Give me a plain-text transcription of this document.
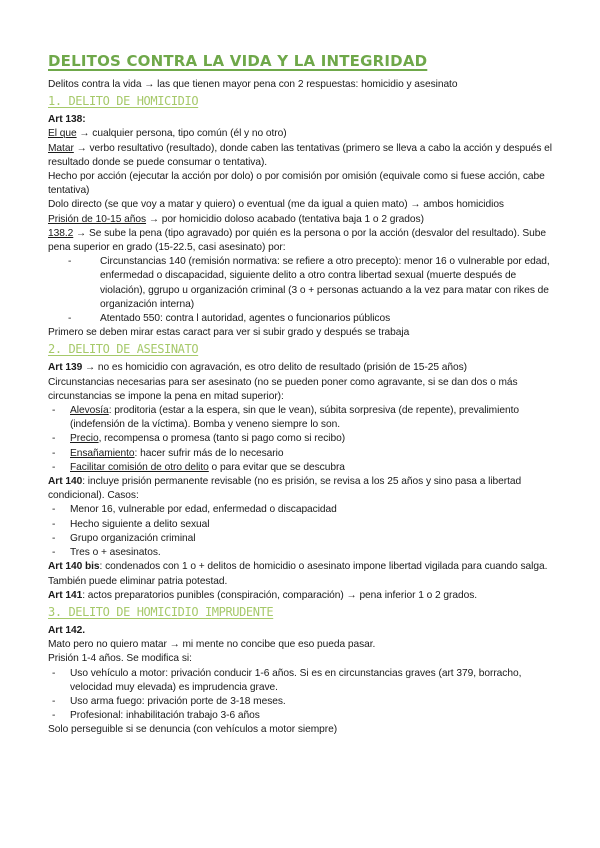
DELITOS CONTRA LA VIDA Y LA INTEGRIDAD

Delitos contra la vida → las que tienen mayor pena con 2 respuestas: homicidio y asesinato

1. DELITO DE HOMICIDIO

Art 138:

El que → cualquier persona, tipo común (él y no otro)

Matar → verbo resultativo (resultado), donde caben las tentativas (primero se lleva a cabo la acción y después el resultado donde se puede consumar o tentativa).

Hecho por acción (ejecutar la acción por dolo) o por comisión por omisión (equivale como si fuese acción, cabe tentativa)

Dolo directo (se que voy a matar y quiero) o eventual (me da igual a quien mato) → ambos homicidios

Prisión de 10-15 años → por homicidio doloso acabado (tentativa baja 1 o 2 grados)

138.2 → Se sube la pena (tipo agravado) por quién es la persona o por la acción (desvalor del resultado). Sube pena superior en grado (15-22.5, casi asesinato) por:

- Circunstancias 140 (remisión normativa: se refiere a otro precepto): menor 16 o vulnerable por edad, enfermedad o discapacidad, siguiente delito a otro contra libertad sexual (muerte después de violación), ggrupo u organización criminal (3 o + personas actuando a la vez para matar con rikes de organización interna)
- Atentado 550: contra l autoridad, agentes o funcionarios públicos

Primero se deben mirar estas caract para ver si subir grado y después se trabaja

2. DELITO DE ASESINATO

Art 139 → no es homicidio con agravación, es otro delito de resultado (prisión de 15-25 años)

Circunstancias necesarias para ser asesinato (no se pueden poner como agravante, si se dan dos o más circunstancias se impone la pena en mitad superior):

- Alevosía: proditoria (estar a la espera, sin que le vean), súbita sorpresiva (de repente), prevalimiento (indefensión de la víctima). Bomba y veneno siempre lo son.
- Precio, recompensa o promesa (tanto si pago como si recibo)
- Ensañamiento: hacer sufrir más de lo necesario
- Facilitar comisión de otro delito o para evitar que se descubra

Art 140: incluye prisión permanente revisable (no es prisión, se revisa a los 25 años y sino pasa a libertad condicional). Casos:

- Menor 16, vulnerable por edad, enfermedad o discapacidad
- Hecho siguiente a delito sexual
- Grupo organización criminal
- Tres o + asesinatos.

Art 140 bis: condenados con 1 o + delitos de homicidio o asesinato impone libertad vigilada para cuando salga. También puede eliminar patria potestad.

Art 141: actos preparatorios punibles (conspiración, comparación) → pena inferior 1 o 2 grados.

3. DELITO DE HOMICIDIO IMPRUDENTE

Art 142.

Mato pero no quiero matar → mi mente no concibe que eso pueda pasar.

Prisión 1-4 años. Se modifica si:

- Uso vehículo a motor: privación conducir 1-6 años. Si es en circunstancias graves (art 379, borracho, velocidad muy elevada) es imprudencia grave.
- Uso arma fuego: privación porte de 3-18 meses.
- Profesional: inhabilitación trabajo 3-6 años

Solo perseguible si se denuncia (con vehículos a motor siempre)
